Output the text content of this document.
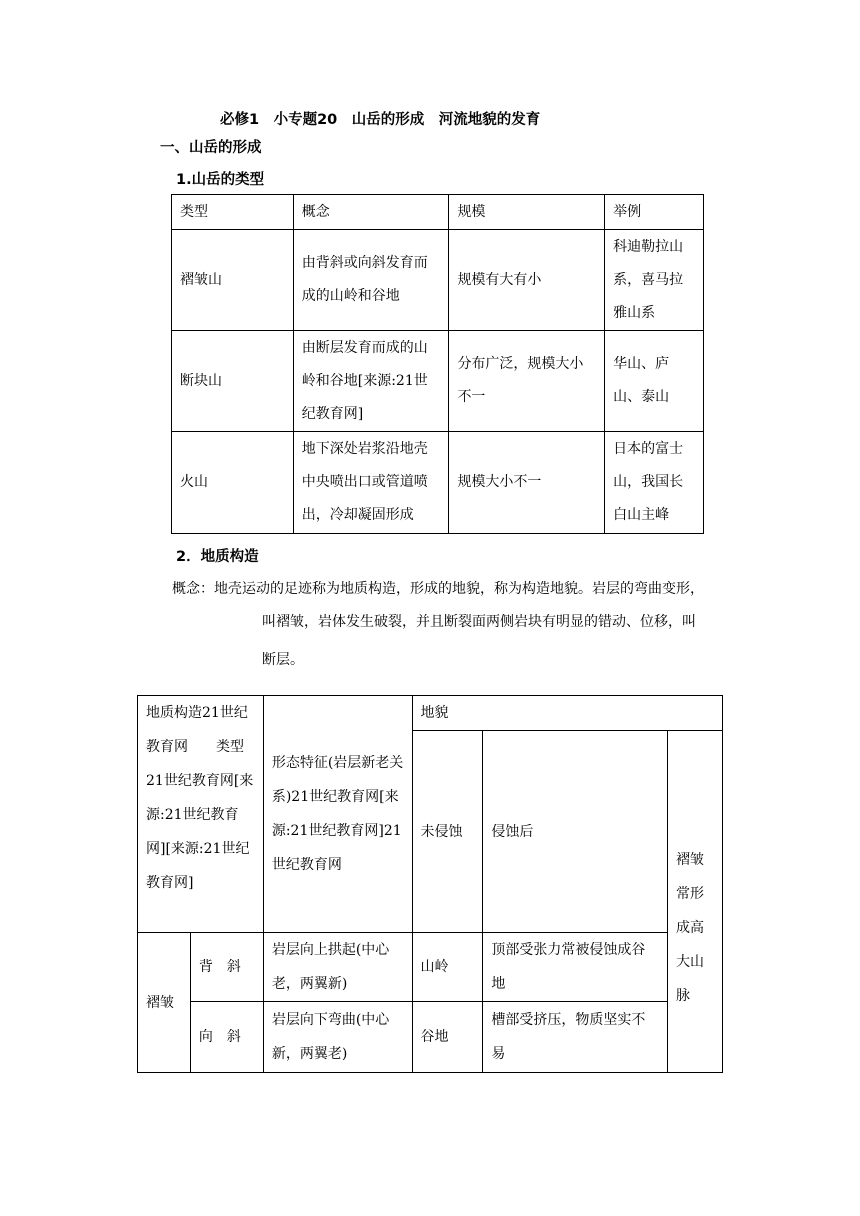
必修1　小专题20　山岳的形成　河流地貌的发育
一、山岳的形成
1.山岳的类型
类型	概念	规模	举例
褶皱山	由背斜或向斜发育而成的山岭和谷地	规模有大有小	科迪勒拉山系，喜马拉雅山系
断块山	由断层发育而成的山岭和谷地[来源:21世纪教育网]	分布广泛，规模大小不一	华山、庐山、泰山
火山	地下深处岩浆沿地壳中央喷出口或管道喷出，冷却凝固形成	规模大小不一	日本的富士山，我国长白山主峰
2．地质构造
概念：地壳运动的足迹称为地质构造，形成的地貌，称为构造地貌。岩层的弯曲变形，
叫褶皱，岩体发生破裂，并且断裂面两侧岩块有明显的错动、位移，叫
断层。
地质构造21世纪教育网　　类型21世纪教育网[来源:21世纪教育网][来源:21世纪教育网]		形态特征(岩层新老关系)21世纪教育网[来源:21世纪教育网]21世纪教育网	地貌		
			未侵蚀	侵蚀后	褶皱常形成高大山脉
褶皱	背　斜	岩层向上拱起(中心老，两翼新)	山岭	顶部受张力常被侵蚀成谷地	
	向　斜	岩层向下弯曲(中心新，两翼老)	谷地	槽部受挤压，物质坚实不易	
